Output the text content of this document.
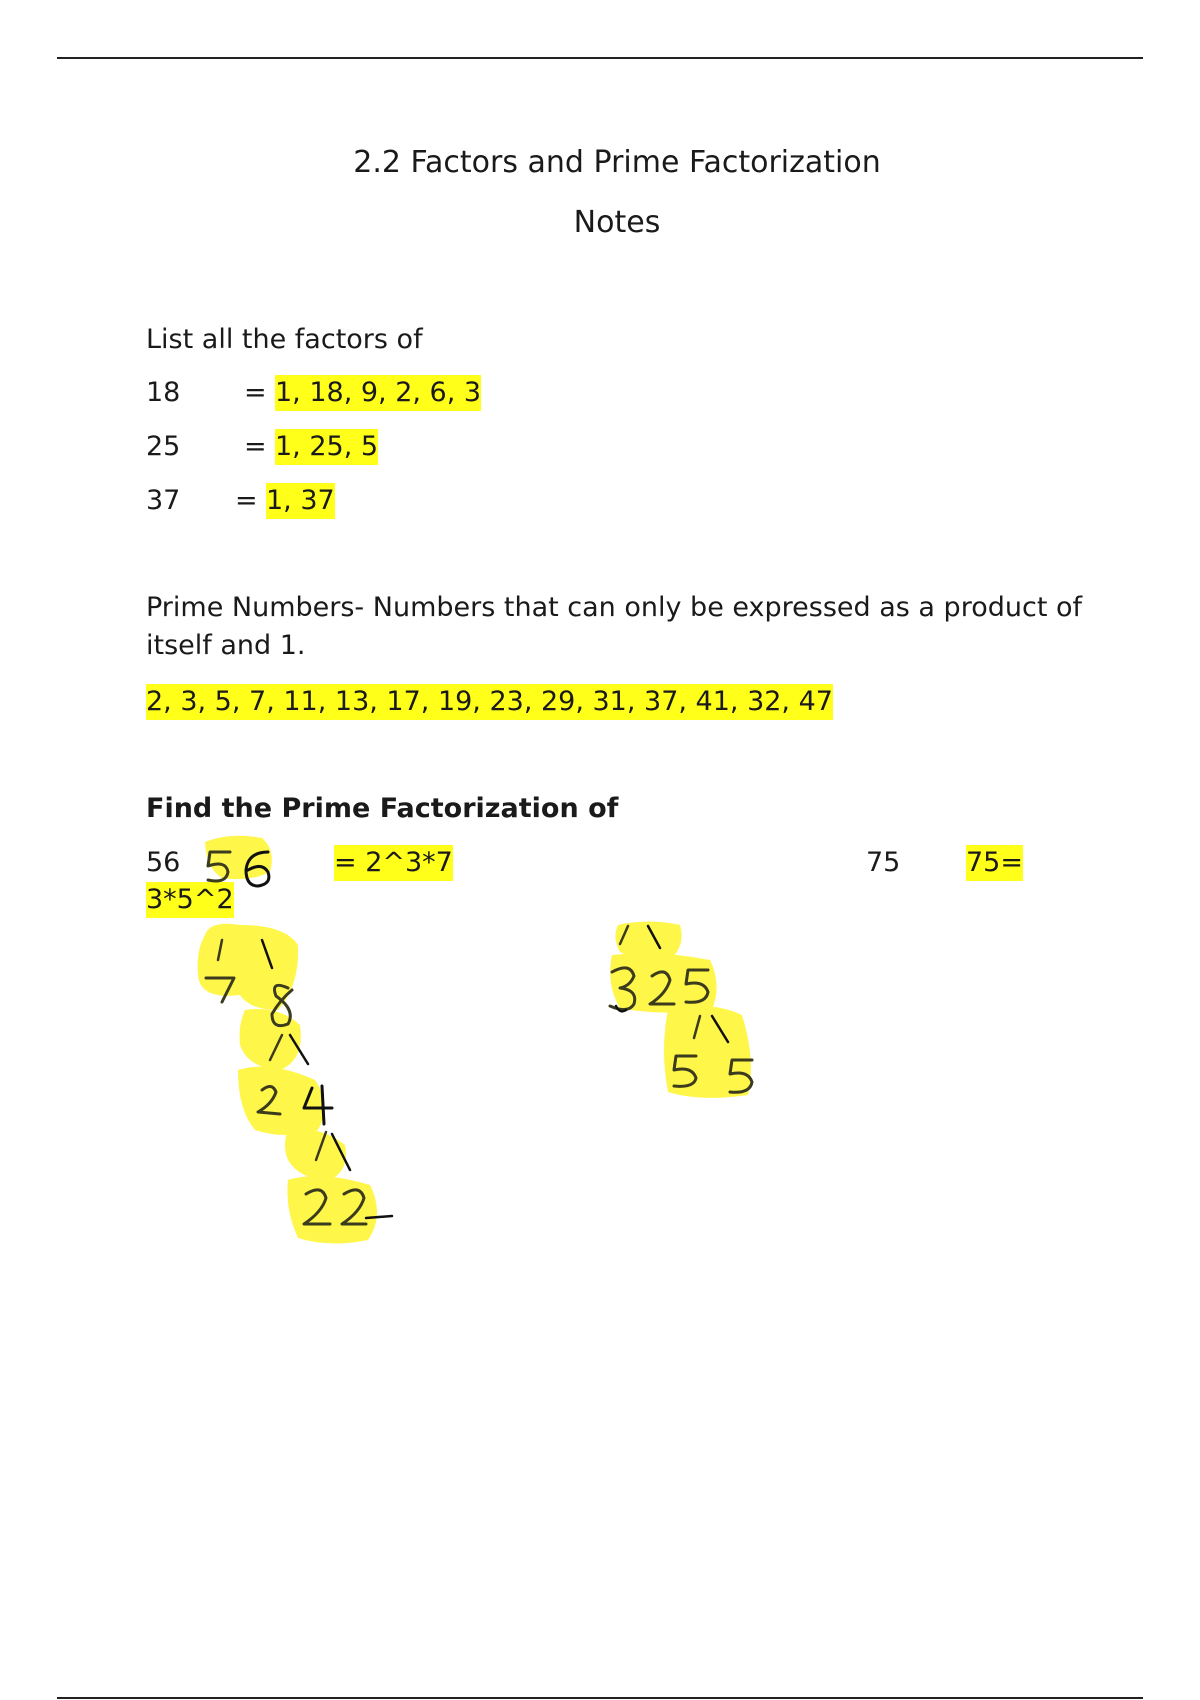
2.2 Factors and Prime Factorization
Notes
List all the factors of
18 = 1, 18, 9, 2, 6, 3
25 = 1, 25, 5
37 = 1, 37
Prime Numbers- Numbers that can only be expressed as a product of itself and 1.
2, 3, 5, 7, 11, 13, 17, 19, 23, 29, 31, 37, 41, 32, 47
Find the Prime Factorization of
56	= 2^3*7	75 75=
3*5^2
